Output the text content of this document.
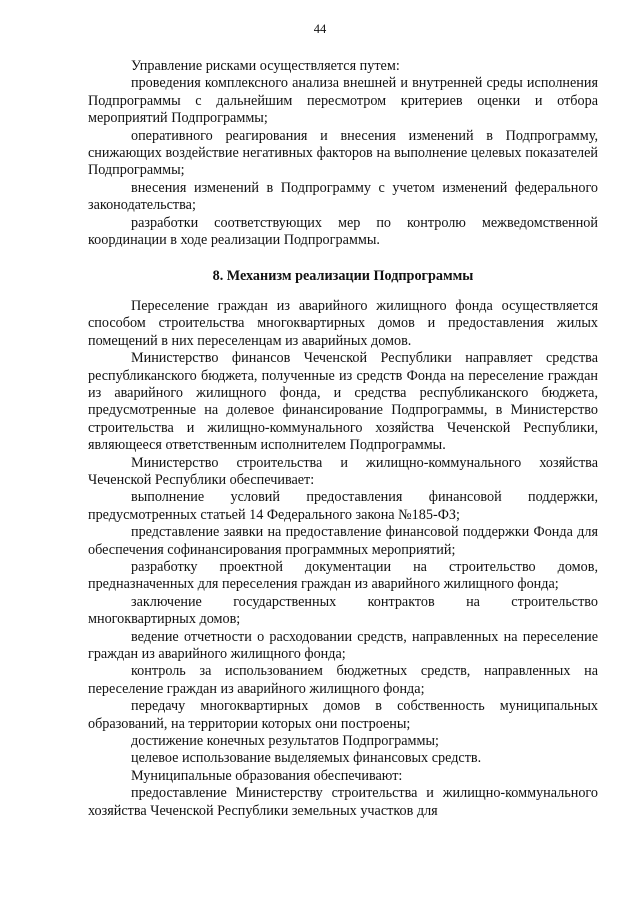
44

Управление рисками осуществляется путем:

проведения комплексного анализа внешней и внутренней среды исполнения Подпрограммы с дальнейшим пересмотром критериев оценки и отбора мероприятий Подпрограммы;

оперативного реагирования и внесения изменений в Подпрограмму, снижающих воздействие негативных факторов на выполнение целевых показателей Подпрограммы;

внесения изменений в Подпрограмму с учетом изменений федерального законодательства;

разработки соответствующих мер по контролю межведомственной координации в ходе реализации Подпрограммы.

8. Механизм реализации Подпрограммы

Переселение граждан из аварийного жилищного фонда осуществляется способом строительства многоквартирных домов и предоставления жилых помещений в них переселенцам из аварийных домов.

Министерство финансов Чеченской Республики направляет средства республиканского бюджета, полученные из средств Фонда на переселение граждан из аварийного жилищного фонда, и средства республиканского бюджета, предусмотренные на долевое финансирование Подпрограммы, в Министерство строительства и жилищно-коммунального хозяйства Чеченской Республики, являющееся ответственным исполнителем Подпрограммы.

Министерство строительства и жилищно-коммунального хозяйства Чеченской Республики обеспечивает:

выполнение условий предоставления финансовой поддержки, предусмотренных статьей 14 Федерального закона №185-ФЗ;

представление заявки на предоставление финансовой поддержки Фонда для обеспечения софинансирования программных мероприятий;

разработку проектной документации на строительство домов, предназначенных для переселения граждан из аварийного жилищного фонда;

заключение государственных контрактов на строительство многоквартирных домов;

ведение отчетности о расходовании средств, направленных на переселение граждан из аварийного жилищного фонда;

контроль за использованием бюджетных средств, направленных на переселение граждан из аварийного жилищного фонда;

передачу многоквартирных домов в собственность муниципальных образований, на территории которых они построены;

достижение конечных результатов Подпрограммы;

целевое использование выделяемых финансовых средств.

Муниципальные образования обеспечивают:

предоставление Министерству строительства и жилищно-коммунального хозяйства Чеченской Республики земельных участков для
